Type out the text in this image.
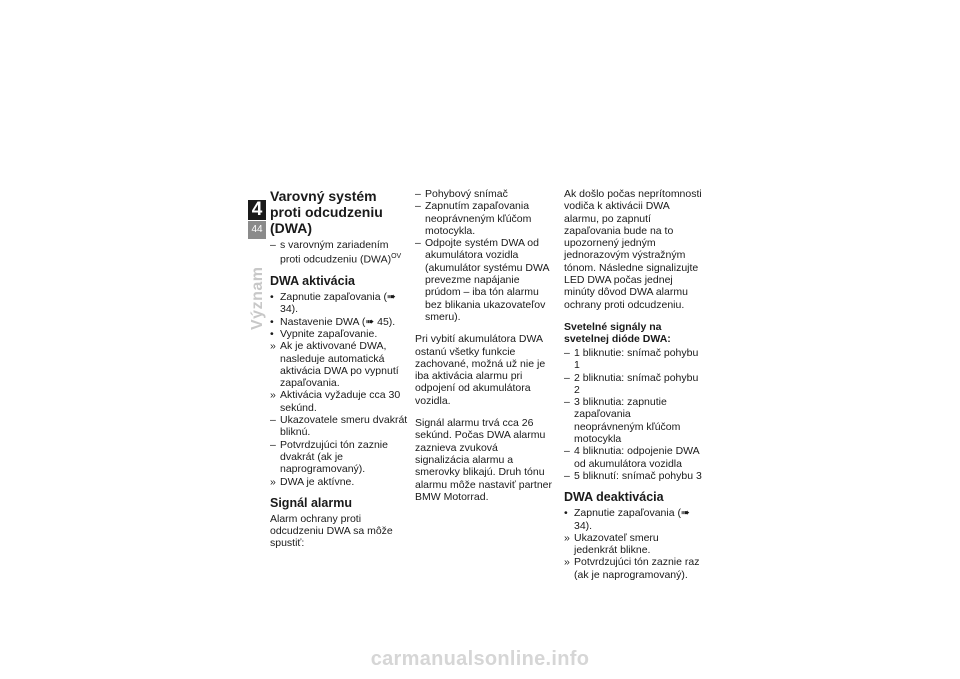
4
44
Význam
Varovný systém proti odcudzeniu (DWA)
– s varovným zariadením proti odcudzeniu (DWA)$^{OV}$
DWA aktivácia
• Zapnutie zapaľovania (➠ 34).
• Nastavenie DWA (➠ 45).
• Vypnite zapaľovanie.
» Ak je aktivované DWA, nasleduje automatická aktivácia DWA po vypnutí zapaľovania.
» Aktivácia vyžaduje cca 30 sekúnd.
– Ukazovatele smeru dvakrát bliknú.
– Potvrdzujúci tón zaznie dvakrát (ak je naprogramovaný).
» DWA je aktívne.
Signál alarmu
Alarm ochrany proti odcudzeniu DWA sa môže spustiť:
– Pohybový snímač
– Zapnutím zapaľovania neoprávneným kľúčom motocykla.
– Odpojte systém DWA od akumulátora vozidla (akumulátor systému DWA prevezme napájanie prúdom – iba tón alarmu bez blikania ukazovateľov smeru).
Pri vybití akumulátora DWA ostanú všetky funkcie zachované, možná už nie je iba aktivácia alarmu pri odpojení od akumulátora vozidla.
Signál alarmu trvá cca 26 sekúnd. Počas DWA alarmu zaznieva zvuková signalizácia alarmu a smerovky blikajú. Druh tónu alarmu môže nastaviť partner BMW Motorrad.
Ak došlo počas neprítomnosti vodiča k aktivácii DWA alarmu, po zapnutí zapaľovania bude na to upozornený jedným jednorazovým výstražným tónom. Následne signalizujte LED DWA počas jednej minúty dôvod DWA alarmu ochrany proti odcudzeniu.
Svetelné signály na svetelnej dióde DWA:
– 1 bliknutie: snímač pohybu 1
– 2 bliknutia: snímač pohybu 2
– 3 bliknutia: zapnutie zapaľovania neoprávneným kľúčom motocykla
– 4 bliknutia: odpojenie DWA od akumulátora vozidla
– 5 bliknutí: snímač pohybu 3
DWA deaktivácia
• Zapnutie zapaľovania (➠ 34).
» Ukazovateľ smeru jedenkrát blikne.
» Potvrdzujúci tón zaznie raz (ak je naprogramovaný).
carmanualsonline.info
